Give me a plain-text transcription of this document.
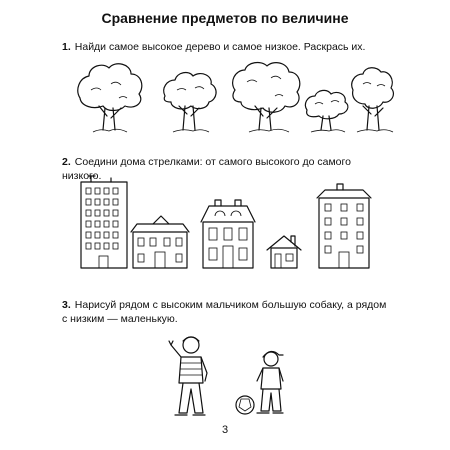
Сравнение предметов по величине
1. Найди самое высокое дерево и самое низкое. Раскрась их.
2. Соедини дома стрелками: от самого высокого до самого низкого.
3. Нарисуй рядом с высоким мальчиком большую собаку, а рядом с низким — маленькую.
3
